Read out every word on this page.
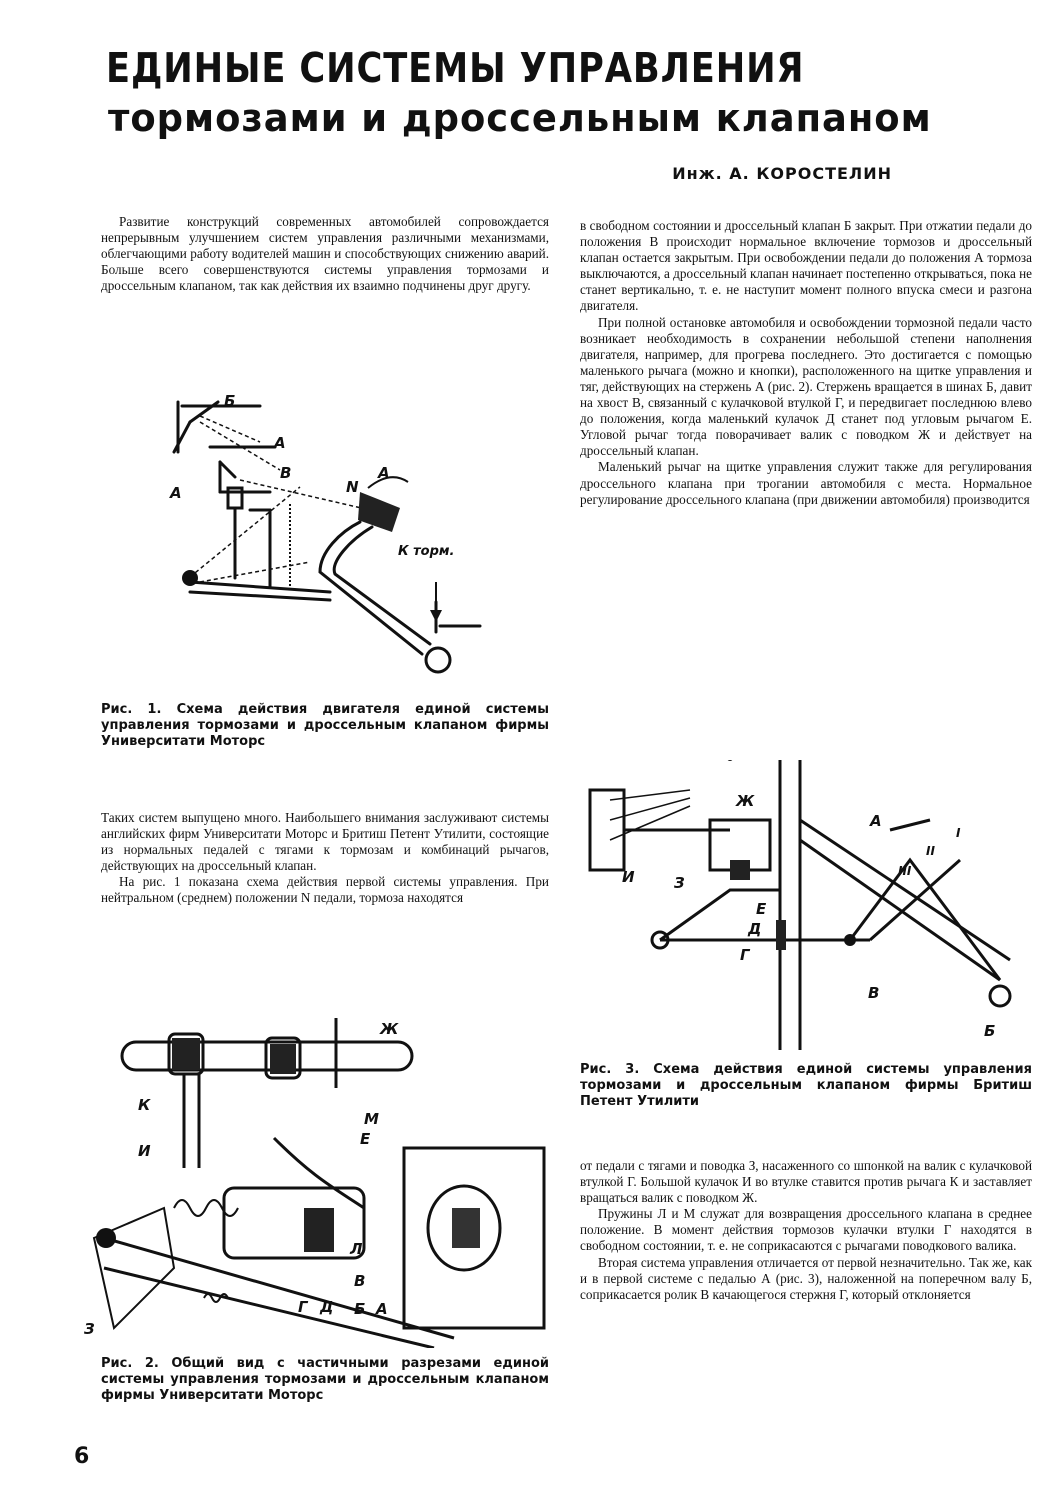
ЕДИНЫЕ СИСТЕМЫ УПРАВЛЕНИЯ
тормозами и дроссельным клапаном
Инж. А. КОРОСТЕЛИН

Развитие конструкций современных автомобилей сопровождается непрерывным улучшением систем управления различными механизмами, облегчающими работу водителей машин и способствующих снижению аварий. Больше всего совершенствуются системы управления тормозами и дроссельным клапаном, так как действия их взаимно подчинены друг другу.

Б
А
А
В
N
А
К торм.
Рис. 1. Схема действия двигателя единой системы управления тормозами и дроссельным клапаном фирмы Университати Моторс

Таких систем выпущено много. Наибольшего внимания заслуживают системы английских фирм Университати Моторс и Бритиш Петент Утилити, состоящие из нормальных педалей с тягами к тормозам и комбинаций рычагов, действующих на дроссельный клапан.

На рис. 1 показана схема действия первой системы управления. При нейтральном (среднем) положении N педали, тормоза находятся

Ж
К
И
М
Е
Л
В
Г Д Б А
З
Рис. 2. Общий вид с частичными разрезами единой системы управления тормозами и дроссельным клапаном фирмы Университати Моторс

в свободном состоянии и дроссельный клапан Б закрыт. При отжатии педали до положения В происходит нормальное включение тормозов и дроссельный клапан остается закрытым. При освобождении педали до положения А тормоза выключаются, а дроссельный клапан начинает постепенно открываться, пока не станет вертикально, т. е. не наступит момент полного впуска смеси и разгона двигателя.

При полной остановке автомобиля и освобождении тормозной педали часто возникает необходимость в сохранении небольшой степени наполнения двигателя, например, для прогрева последнего. Это достигается с помощью маленького рычага (можно и кнопки), расположенного на щитке управления и тяг, действующих на стержень А (рис. 2). Стержень вращается в шинах Б, давит на хвост В, связанный с кулачковой втулкой Г, и передвигает последнюю влево до положения, когда маленький кулачок Д станет под угловым рычагом Е. Угловой рычаг тогда поворачивает валик с поводком Ж и действует на дроссельный клапан.

Маленький рычаг на щитке управления служит также для регулирования дроссельного клапана при трогании автомобиля с места. Нормальное регулирование дроссельного клапана (при движении автомобиля) производится

Ж
А
I
II
III
И	З
Е
Д
Г
В
Б
Рис. 3. Схема действия единой системы управления тормозами и дроссельным клапаном фирмы Бритиш Петент Утилити

от педали с тягами и поводка З, насаженного со шпонкой на валик с кулачковой втулкой Г. Большой кулачок И во втулке ставится против рычага К и заставляет вращаться валик с поводком Ж.

Пружины Л и М служат для возвращения дроссельного клапана в среднее положение. В момент действия тормозов кулачки втулки Г находятся в свободном состоянии, т. е. не соприкасаются с рычагами поводкового валика.

Вторая система управления отличается от первой незначительно. Так же, как и в первой системе с педалью А (рис. 3), наложенной на поперечном валу Б, соприкасается ролик В качающегося стержня Г, который отклоняется

6
